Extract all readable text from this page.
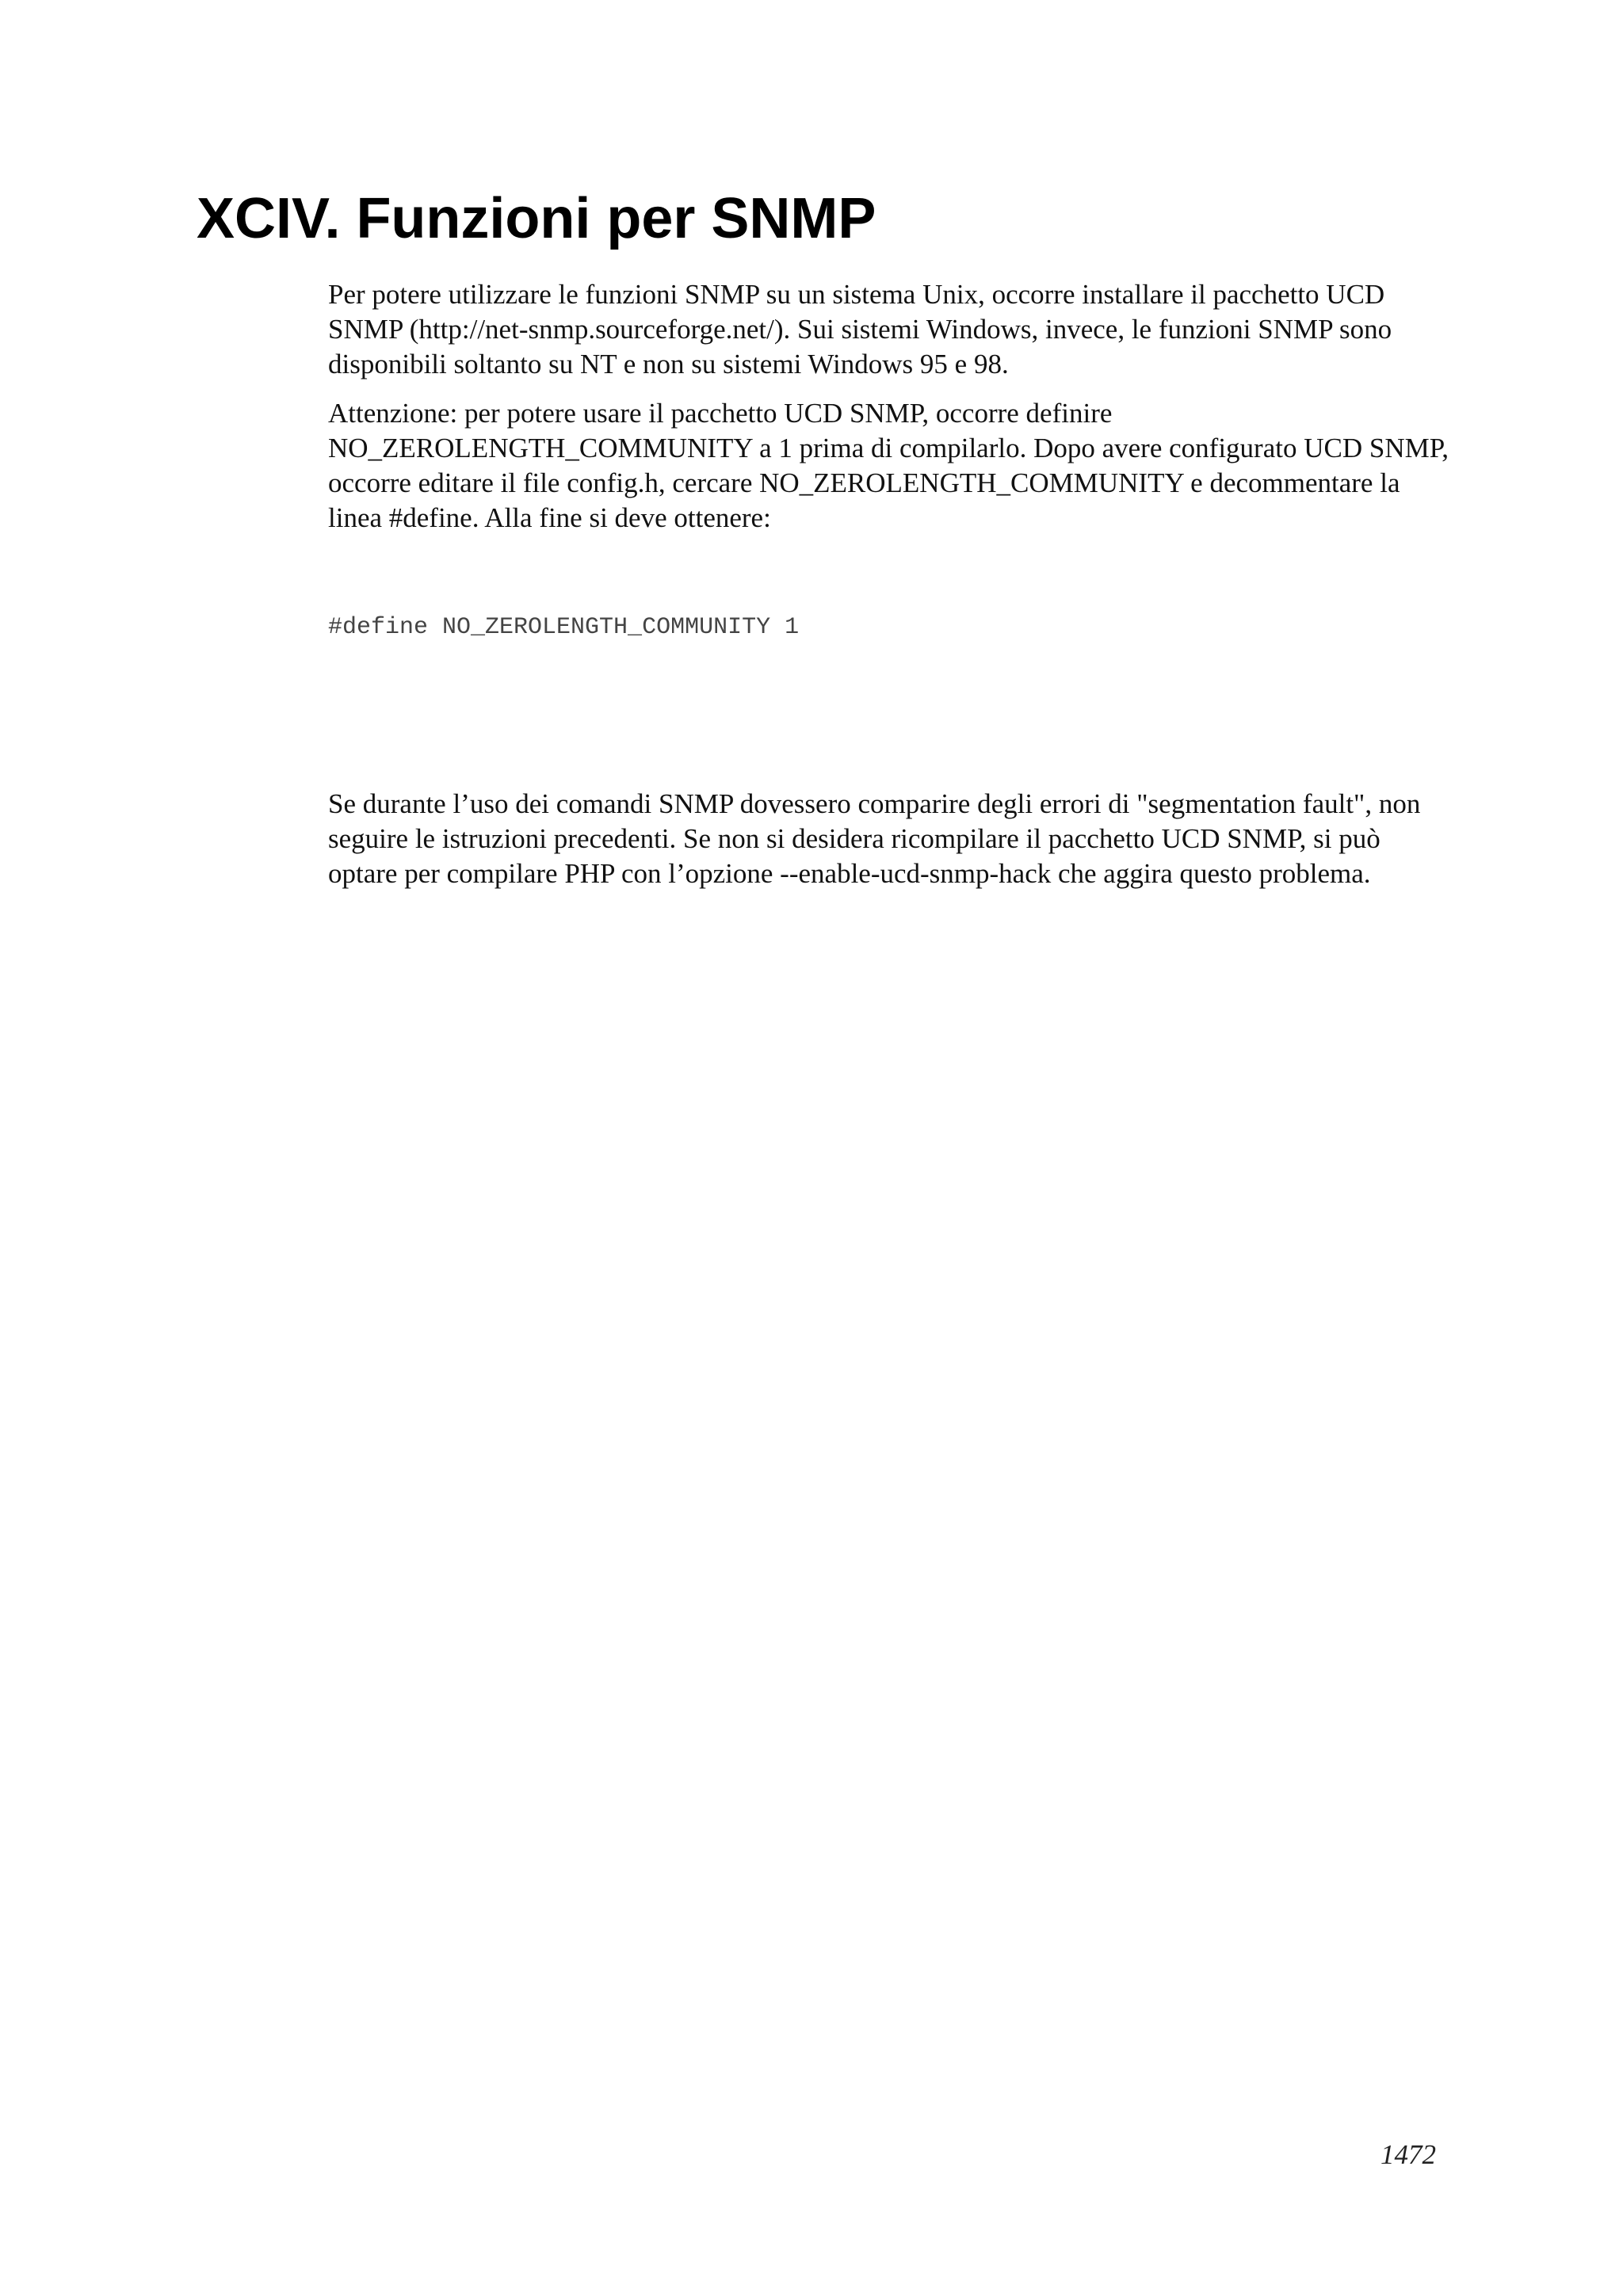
XCIV. Funzioni per SNMP

Per potere utilizzare le funzioni SNMP su un sistema Unix, occorre installare il pacchetto UCD
SNMP (http://net-snmp.sourceforge.net/). Sui sistemi Windows, invece, le funzioni SNMP sono
disponibili soltanto su NT e non su sistemi Windows 95 e 98.

Attenzione: per potere usare il pacchetto UCD SNMP, occorre definire
NO_ZEROLENGTH_COMMUNITY a 1 prima di compilarlo. Dopo avere configurato UCD SNMP,
occorre editare il file config.h, cercare NO_ZEROLENGTH_COMMUNITY e decommentare la
linea #define. Alla fine si deve ottenere:

#define NO_ZEROLENGTH_COMMUNITY 1

Se durante l’uso dei comandi SNMP dovessero comparire degli errori di "segmentation fault", non
seguire le istruzioni precedenti. Se non si desidera ricompilare il pacchetto UCD SNMP, si può
optare per compilare PHP con l’opzione --enable-ucd-snmp-hack che aggira questo problema.

1472
